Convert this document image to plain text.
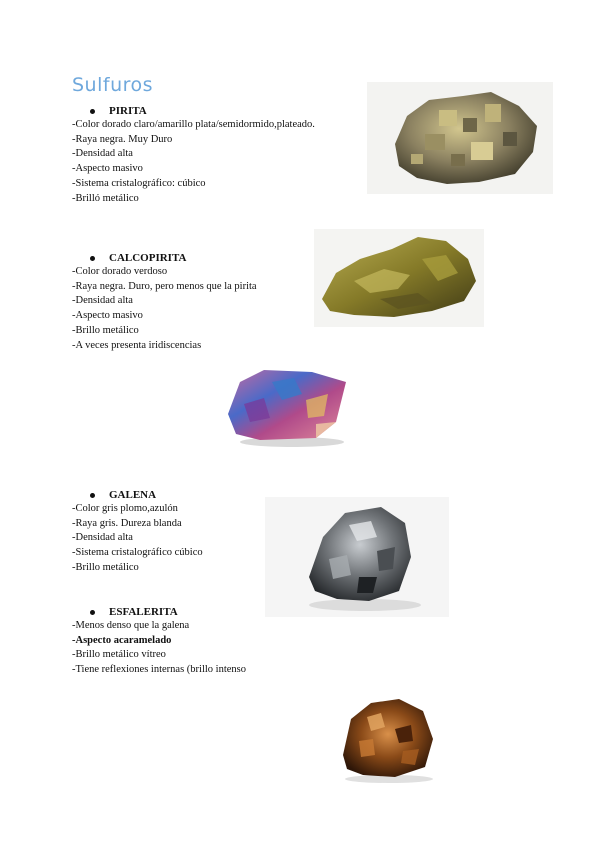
Sulfuros
PIRITA
-Color dorado claro/amarillo plata/semidormido,plateado.
-Raya negra. Muy Duro
-Densidad alta
-Aspecto masivo
-Sistema cristalográfico: cúbico
-Brilló metálico
CALCOPIRITA
-Color dorado verdoso
-Raya negra. Duro, pero menos que la pirita
-Densidad alta
-Aspecto masivo
-Brillo metálico
-A veces presenta iridiscencias
GALENA
-Color gris plomo,azulón
-Raya gris. Dureza blanda
-Densidad alta
-Sistema cristalográfico cúbico
-Brillo metálico
ESFALERITA
-Menos denso que la galena
-Aspecto acaramelado
-Brillo metálico vítreo
-Tiene reflexiones internas (brillo intenso
